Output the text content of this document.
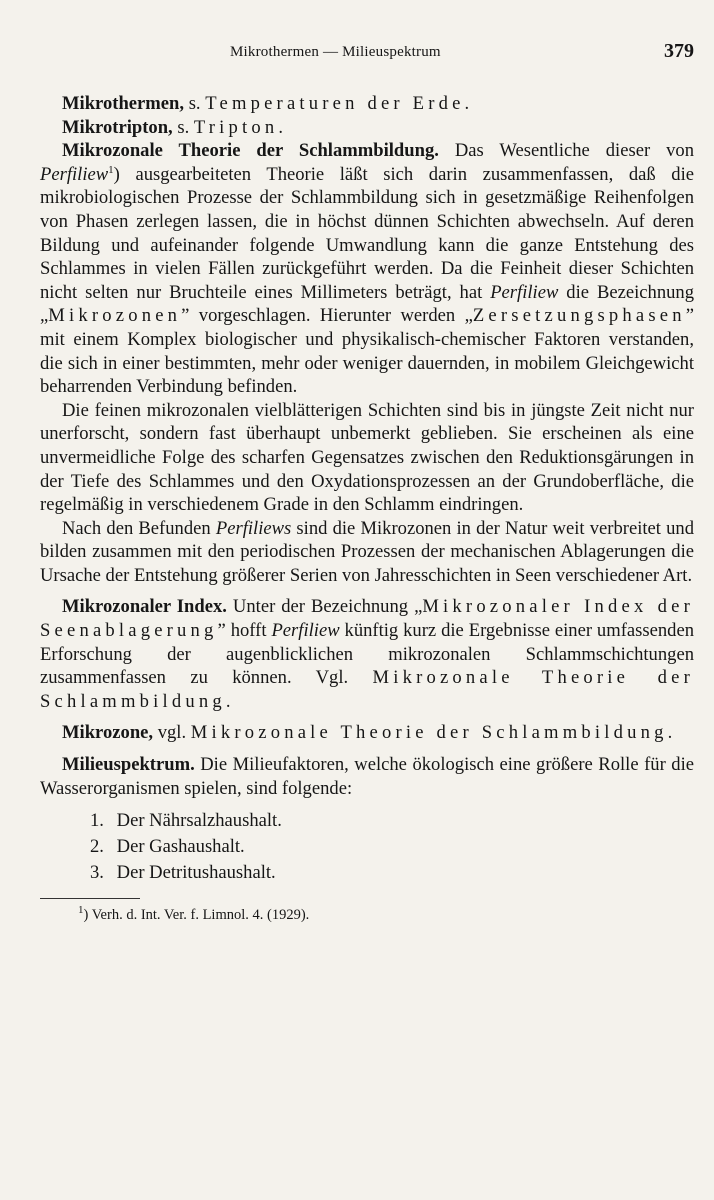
Mikrothermen — Milieuspektrum	379

Mikrothermen, s. Temperaturen der Erde.

Mikrotripton, s. Tripton.

Mikrozonale Theorie der Schlammbildung. Das Wesentliche dieser von Perfiliew$^1$) ausgearbeiteten Theorie läßt sich darin zusammenfassen, daß die mikrobiologischen Prozesse der Schlammbildung sich in gesetzmäßige Reihenfolgen von Phasen zerlegen lassen, die in höchst dünnen Schichten abwechseln. Auf deren Bildung und aufeinander folgende Umwandlung kann die ganze Entstehung des Schlammes in vielen Fällen zurückgeführt werden. Da die Feinheit dieser Schichten nicht selten nur Bruchteile eines Millimeters beträgt, hat Perfiliew die Bezeichnung „Mikrozonen” vorgeschlagen. Hierunter werden „Zersetzungsphasen” mit einem Komplex biologischer und physikalisch-chemischer Faktoren verstanden, die sich in einer bestimmten, mehr oder weniger dauernden, in mobilem Gleichgewicht beharrenden Verbindung befinden.

Die feinen mikrozonalen vielblätterigen Schichten sind bis in jüngste Zeit nicht nur unerforscht, sondern fast überhaupt unbemerkt geblieben. Sie erscheinen als eine unvermeidliche Folge des scharfen Gegensatzes zwischen den Reduktionsgärungen in der Tiefe des Schlammes und den Oxydationsprozessen an der Grundoberfläche, die regelmäßig in verschiedenem Grade in den Schlamm eindringen.

Nach den Befunden Perfiliews sind die Mikrozonen in der Natur weit verbreitet und bilden zusammen mit den periodischen Prozessen der mechanischen Ablagerungen die Ursache der Entstehung größerer Serien von Jahresschichten in Seen verschiedener Art.

Mikrozonaler Index. Unter der Bezeichnung „Mikrozonaler Index der Seenablagerung” hofft Perfiliew künftig kurz die Ergebnisse einer umfassenden Erforschung der augenblicklichen mikrozonalen Schlammschichtungen zusammenfassen zu können. Vgl. Mikrozonale Theorie der Schlammbildung.

Mikrozone, vgl. Mikrozonale Theorie der Schlammbildung.

Milieuspektrum. Die Milieufaktoren, welche ökologisch eine größere Rolle für die Wasserorganismen spielen, sind folgende:

1. Der Nährsalzhaushalt.
2. Der Gashaushalt.
3. Der Detritushaushalt.
$^1$) Verh. d. Int. Ver. f. Limnol. 4. (1929).
